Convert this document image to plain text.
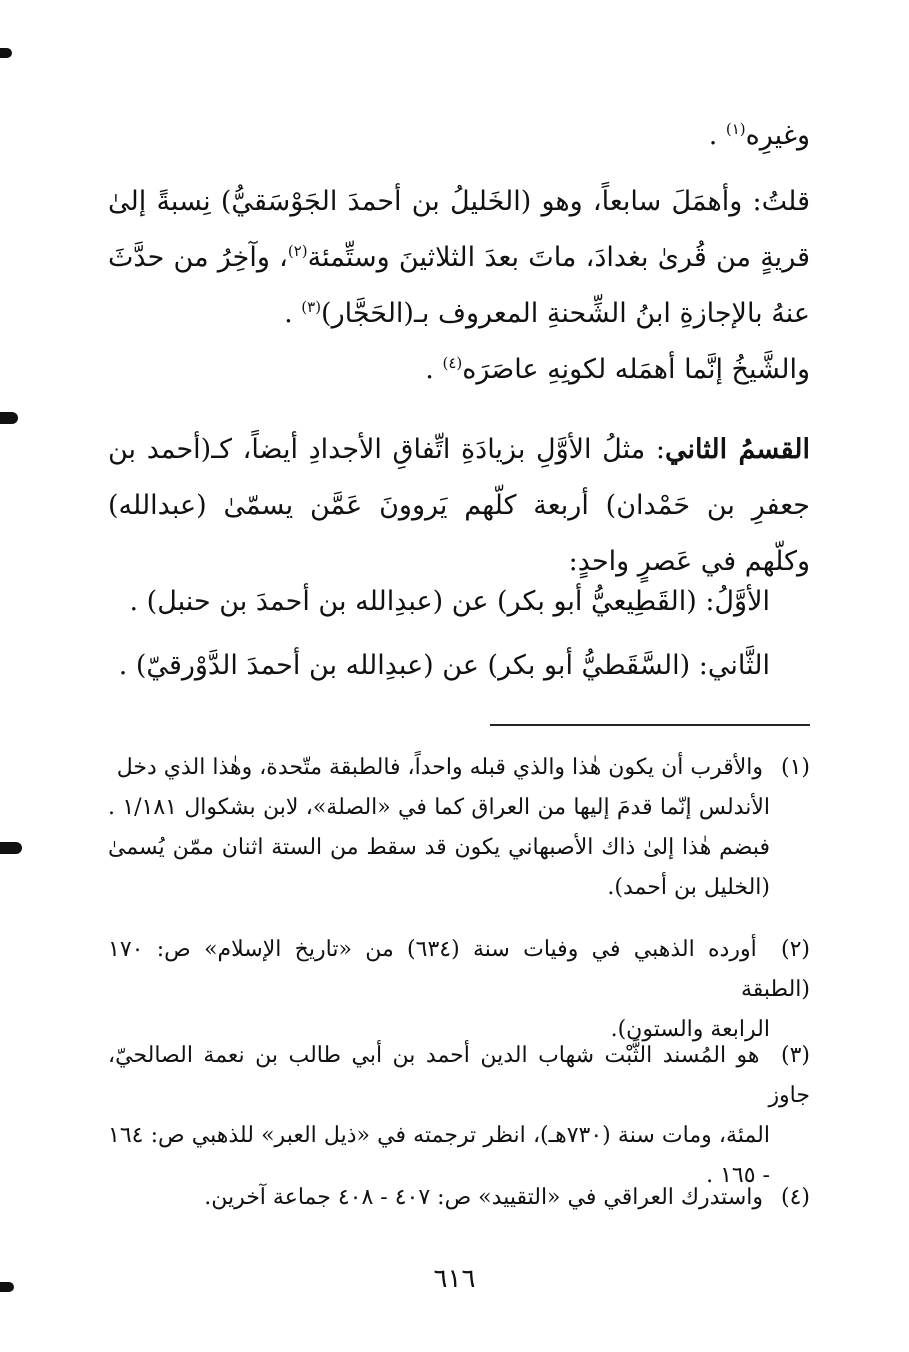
وغيرِه$^{(١)}$ .

قلتُ: وأهمَلَ سابعاً، وهو (الخَليلُ بن أحمدَ الجَوْسَقيُّ) نِسبةً إلىٰ قريةٍ من قُرىٰ بغدادَ، ماتَ بعدَ الثلاثينَ وستِّمئة$^{(٢)}$، وآخِرُ من حدَّثَ عنهُ بالإجازةِ ابنُ الشِّحنةِ المعروف بـ(الحَجَّار)$^{(٣)}$ .

والشَّيخُ إنَّما أهمَله لكونِهِ عاصَرَه$^{(٤)}$ .

القسمُ الثاني: مثلُ الأوَّلِ بزيادَةِ اتِّفاقِ الأجدادِ أيضاً، كـ(أحمد بن جعفرِ بن حَمْدان) أربعة كلّهم يَروونَ عَمَّن يسمّىٰ (عبدالله) وكلّهم في عَصرٍ واحدٍ:

الأوَّلُ: (القَطِيعيُّ أبو بكر) عن (عبدِالله بن أحمدَ بن حنبل) .

الثَّاني: (السَّقَطيُّ أبو بكر) عن (عبدِالله بن أحمدَ الدَّوْرقيّ) .

(١) والأقرب أن يكون هٰذا والذي قبله واحداً، فالطبقة متّحدة، وهٰذا الذي دخل
الأندلس إنّما قدمَ إليها من العراق كما في «الصلة»، لابن بشكوال ١/١٨١ . فبضم هٰذا إلىٰ ذاك الأصبهاني يكون قد سقط من الستة اثنان ممّن يُسمىٰ (الخليل بن أحمد).
(٢) أورده الذهبي في وفيات سنة (٦٣٤) من «تاريخ الإسلام» ص: ١٧٠ (الطبقة
الرابعة والستون).
(٣) هو المُسند الثَّبْت شهاب الدين أحمد بن أبي طالب بن نعمة الصالحيّ، جاوز
المئة، ومات سنة (٧٣٠هـ)، انظر ترجمته في «ذيل العبر» للذهبي ص: ١٦٤ - ١٦٥ .
(٤) واستدرك العراقي في «التقييد» ص: ٤٠٧ - ٤٠٨ جماعة آخرين.
٦١٦
